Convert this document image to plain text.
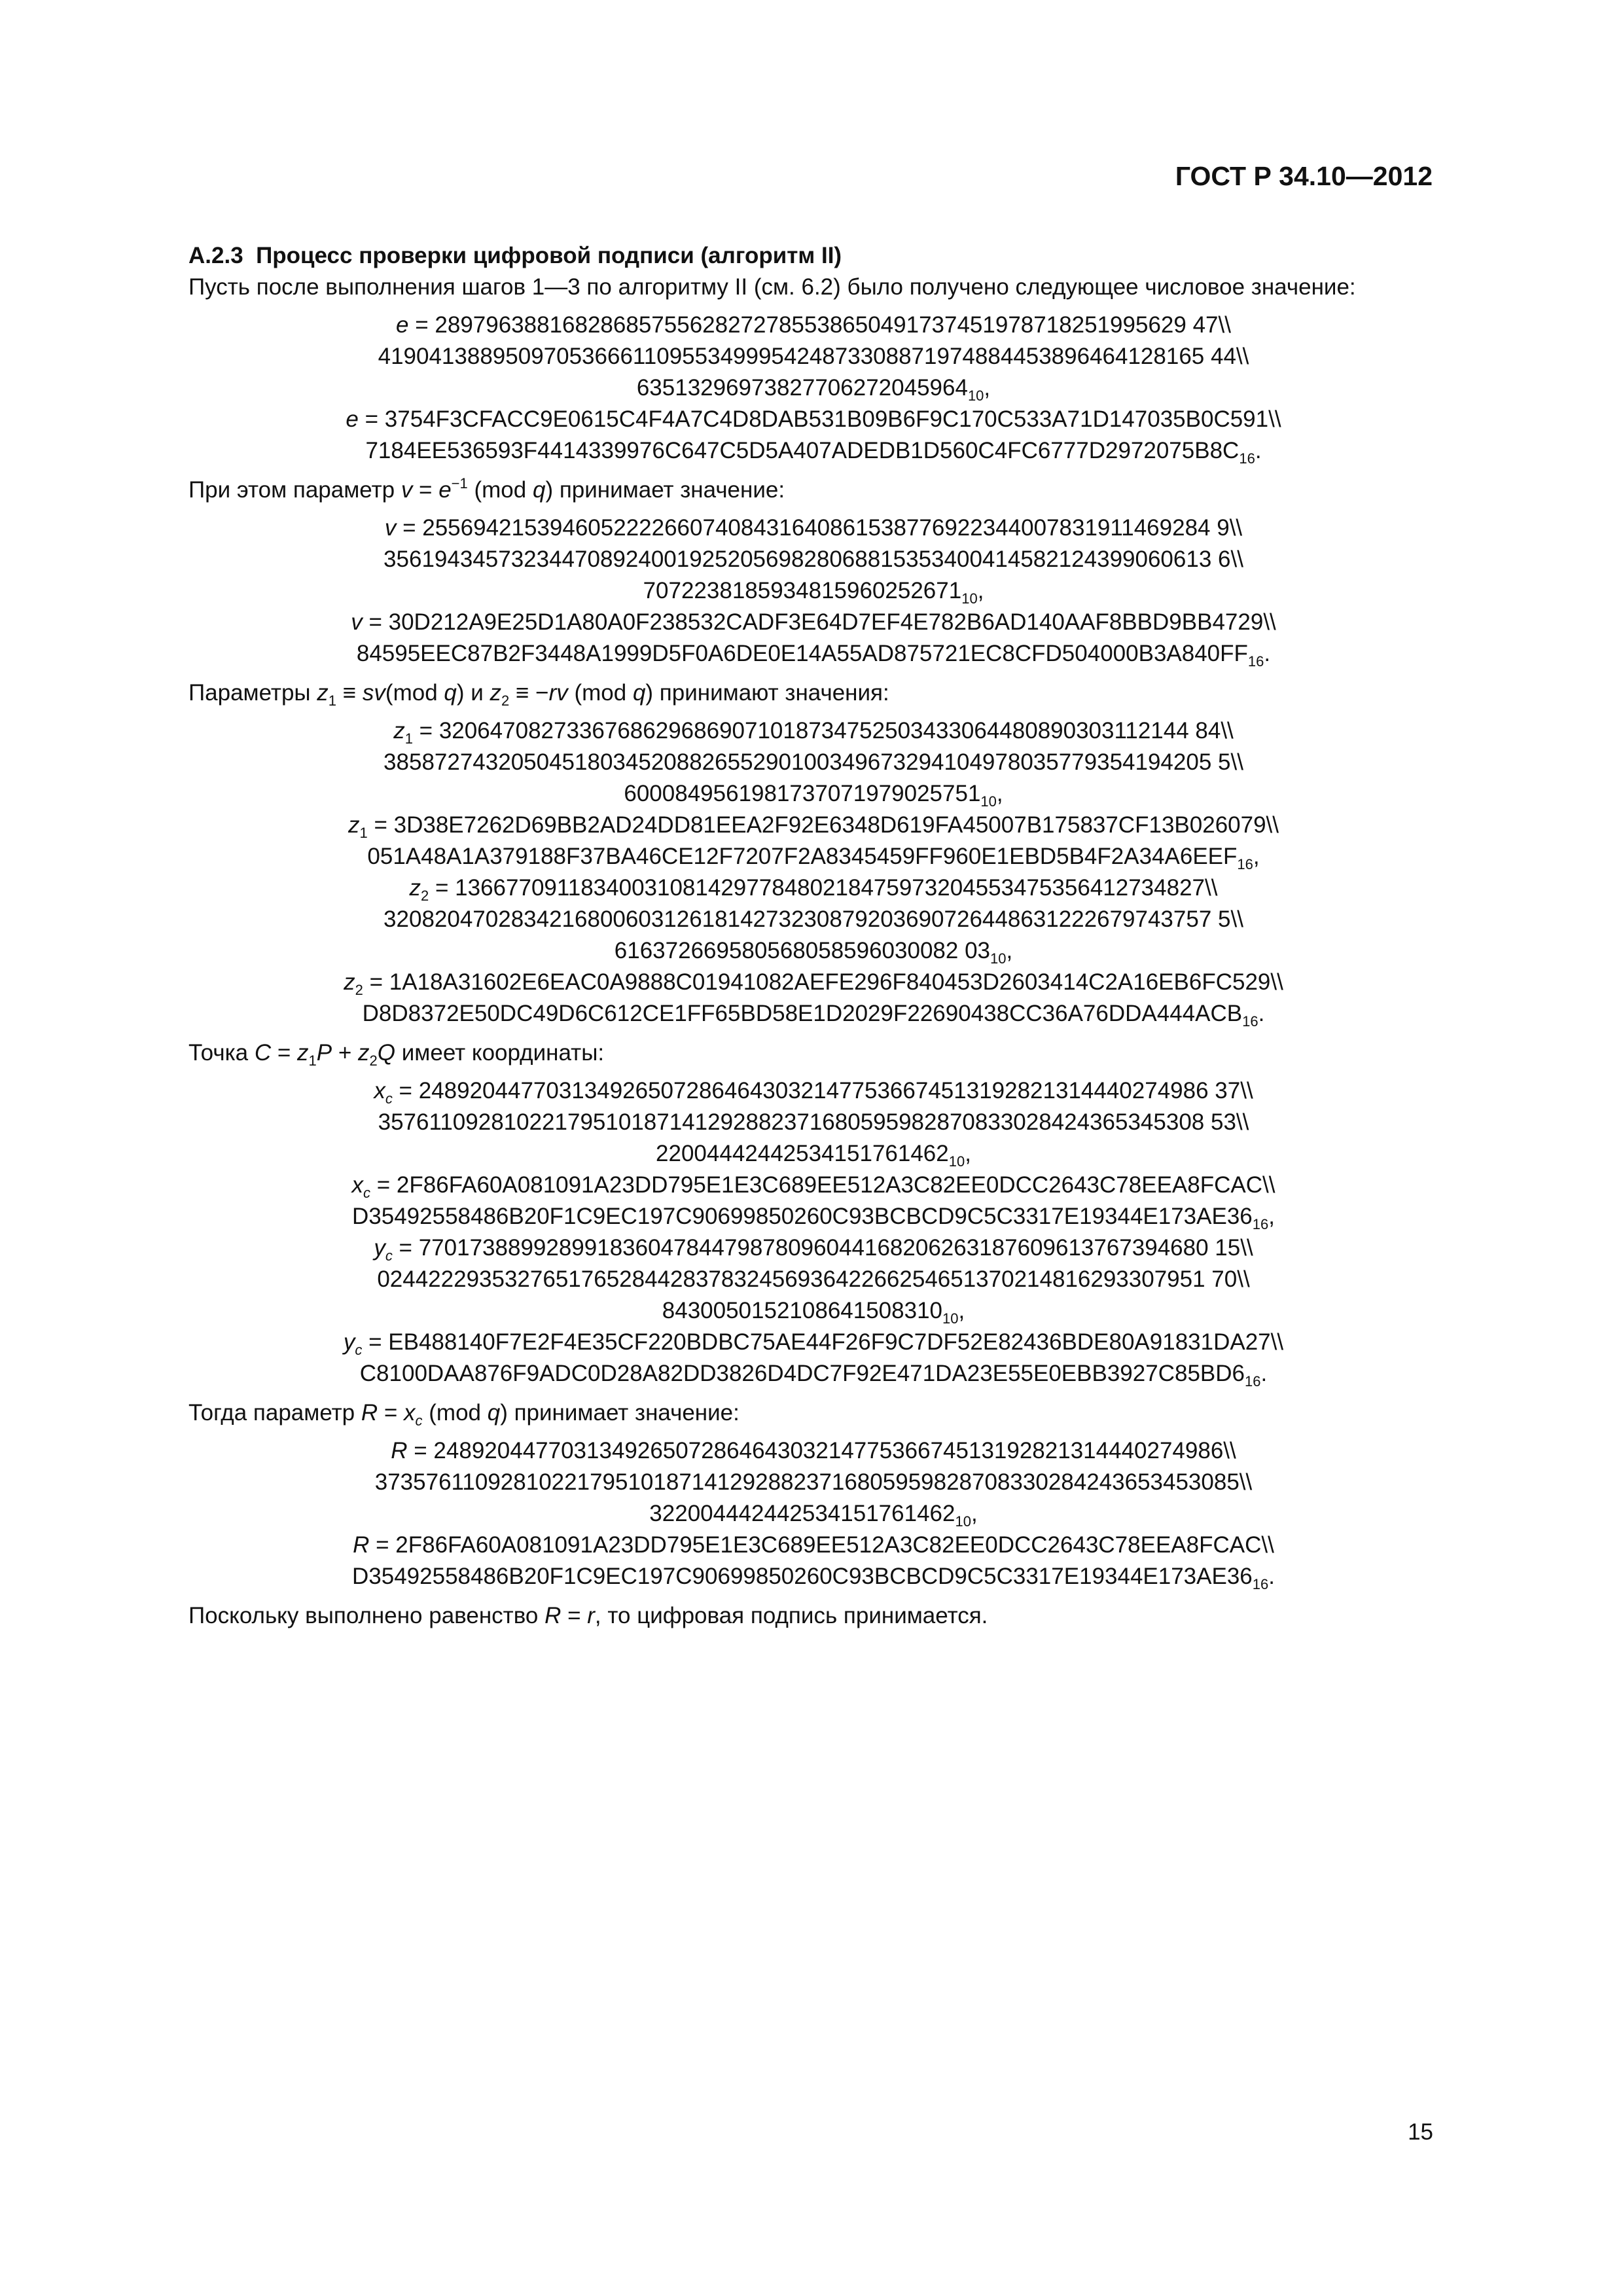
ГОСТ Р 34.10—2012
А.2.3  Процесс проверки цифровой подписи (алгоритм II)
Пусть после выполнения шагов 1—3 по алгоритму II (см. 6.2) было получено следующее числовое значение:
e = 28979638816828685755628272785538650491737451978718251995629 47\\
41904138895097053666110955349995424873308871974884453896464128165 44\\
$63513296973827706272045964_{10}$,
e = 3754F3CFACC9E0615C4F4A7C4D8DAB531B09B6F9C170C533A71D147035B0C591\\
$7184EE536593F4414339976C647C5D5A407ADEDB1D560C4FC6777D2972075B8C_{16}$.
При этом параметр $v = e^{-1}$ (mod q) принимает значение:
v = 25569421539460522226607408431640861538776922344007831911469284 9\\
35619434573234470892400192520569828068815353400414582124399060613 6\\
$7072238185934815960252671_{10}$,
v = 30D212A9E25D1A80A0F238532CADF3E64D7EF4E782B6AD140AAF8BBD9BB4729\\
$84595EEC87B2F3448A1999D5F0A6DE0E14A55AD875721EC8CFD504000B3A840FF_{16}$.
Параметры $z_1 \equiv sv(mod$ q) и $z_2 \equiv -rv$ (mod q) принимают значения:
$z_1 = 32064708273367686296869071018734752503433064480890303112144$ 84\\
38587274320504518034520882655290100349673294104978035779354194205 5\\
$6000849561981737071979025751_{10}$,
$z_1$ = 3D38E7262D69BB2AD24DD81EEA2F92E6348D619FA45007B175837CF13B026079\\
$051A48A1A379188F37BA46CE12F7207F2A8345459FF960E1EBD5B4F2A34A6EEF_{16}$,
$z_2$ = 13667709118340031081429778480218475973204553475356412734827\\
32082047028342168006031261814273230879203690726448631222679743757 5\\
616372669580568058596030082 $03_{10}$,
$z_2$ = 1A18A31602E6EAC0A9888C01941082AEFE296F840453D2603414C2A16EB6FC529\\
$D8D8372E50DC49D6C612CE1FF65BD58E1D2029F22690438CC36A76DDA444ACB_{16}$.
Точка $C = z_1P + z_2Q$ имеет координаты:
$x_c = 24892044770313492650728646430321477536674513192821314440274986$ 37\\
35761109281022179510187141292882371680595982870833028424365345308 53\\
$22004442442534151761462_{10}$,
$x_c$ = 2F86FA60A081091A23DD795E1E3C689EE512A3C82EE0DCC2643C78EEA8FCAC\\
$D35492558486B20F1C9EC197C90699850260C93BCBCD9C5C3317E19344E173AE36_{16}$,
$y_c = 77017388992899183604784479878096044168206263187609613767394680$ 15\\
02442229353276517652844283783245693642266254651370214816293307951 70\\
$8430050152108641508310_{10}$,
$y_c$ = EB488140F7E2F4E35CF220BDBC75AE44F26F9C7DF52E82436BDE80A91831DA27\\
$C8100DAA876F9ADC0D28A82DD3826D4DC7F92E471DA23E55E0EBB3927C85BD6_{16}$.
Тогда параметр $R = x_c$ (mod q) принимает значение:
R = 24892044770313492650728646430321477536674513192821314440274986\\
37357611092810221795101871412928823716805959828708330284243653453085\\
$322004442442534151761462_{10}$,
R = 2F86FA60A081091A23DD795E1E3C689EE512A3C82EE0DCC2643C78EEA8FCAC\\
$D35492558486B20F1C9EC197C90699850260C93BCBCD9C5C3317E19344E173AE36_{16}$.
Поскольку выполнено равенство R = r, то цифровая подпись принимается.
15
